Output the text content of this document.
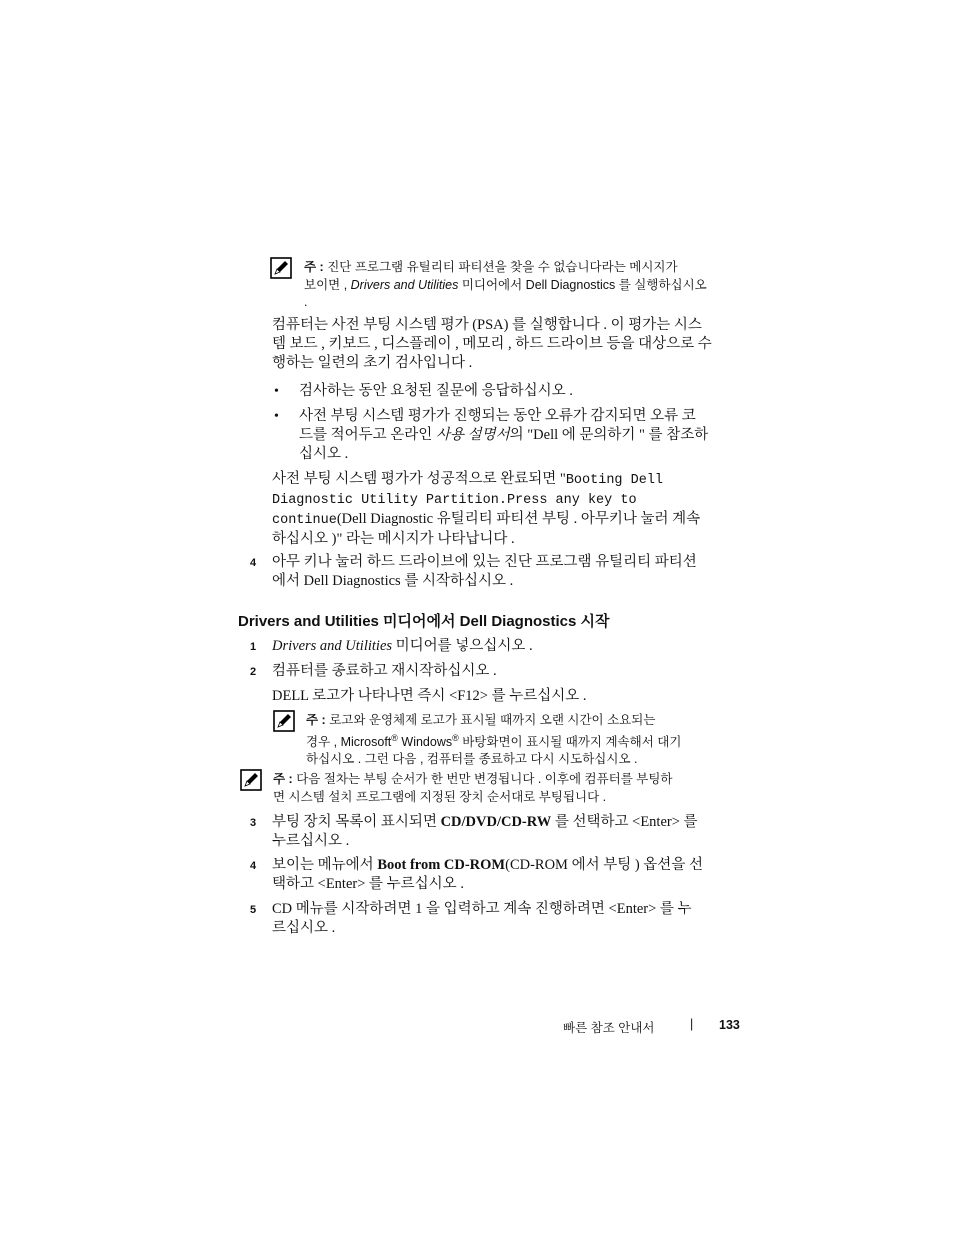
주 : 진단 프로그램 유틸리티 파티션을 찾을 수 없습니다라는 메시지가
보이면 , Drivers and Utilities 미디어에서 Dell Diagnostics 를 실행하십시오
.
컴퓨터는 사전 부팅 시스템 평가 (PSA) 를 실행합니다 . 이 평가는 시스
템 보드 , 키보드 , 디스플레이 , 메모리 , 하드 드라이브 등을 대상으로 수
행하는 일련의 초기 검사입니다 .
• 검사하는 동안 요청된 질문에 응답하십시오 .
• 사전 부팅 시스템 평가가 진행되는 동안 오류가 감지되면 오류 코
드를 적어두고 온라인 사용 설명서의 "Dell 에 문의하기 " 를 참조하
십시오 .
사전 부팅 시스템 평가가 성공적으로 완료되면 "Booting Dell
Diagnostic Utility Partition.Press any key to
continue(Dell Diagnostic 유틸리티 파티션 부팅 . 아무키나 눌러 계속
하십시오 )" 라는 메시지가 나타납니다 .
4 아무 키나 눌러 하드 드라이브에 있는 진단 프로그램 유틸리티 파티션
에서 Dell Diagnostics 를 시작하십시오 .
Drivers and Utilities 미디어에서 Dell Diagnostics 시작
1 Drivers and Utilities 미디어를 넣으십시오 .
2 컴퓨터를 종료하고 재시작하십시오 .
DELL 로고가 나타나면 즉시 <F12> 를 누르십시오 .
주 : 로고와 운영체제 로고가 표시될 때까지 오랜 시간이 소요되는
경우 , Microsoft® Windows® 바탕화면이 표시될 때까지 계속해서 대기
하십시오 . 그런 다음 , 컴퓨터를 종료하고 다시 시도하십시오 .
주 : 다음 절차는 부팅 순서가 한 번만 변경됩니다 . 이후에 컴퓨터를 부팅하
면 시스템 설치 프로그램에 지정된 장치 순서대로 부팅됩니다 .
3 부팅 장치 목록이 표시되면 CD/DVD/CD-RW 를 선택하고 <Enter> 를
누르십시오 .
4 보이는 메뉴에서 Boot from CD-ROM(CD-ROM 에서 부팅 ) 옵션을 선
택하고 <Enter> 를 누르십시오 .
5 CD 메뉴를 시작하려면 1 을 입력하고 계속 진행하려면 <Enter> 를 누
르십시오 .
빠른 참조 안내서	| 133
